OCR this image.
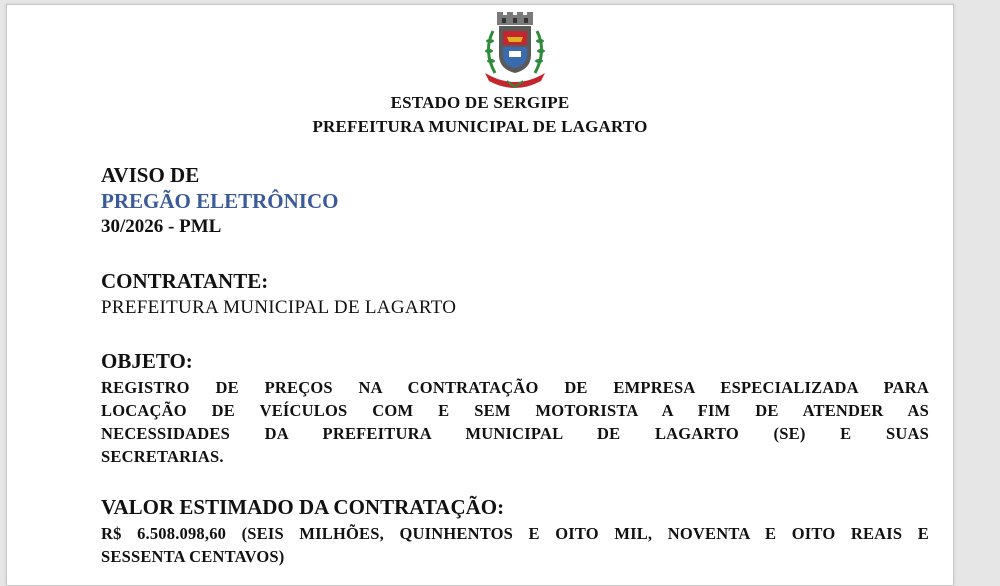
ESTADO DE SERGIPE
PREFEITURA MUNICIPAL DE LAGARTO
AVISO DE
PREGÃO ELETRÔNICO
30/2026 - PML
CONTRATANTE:
PREFEITURA MUNICIPAL DE LAGARTO
OBJETO:
REGISTRO DE PREÇOS NA CONTRATAÇÃO DE EMPRESA ESPECIALIZADA PARA
LOCAÇÃO DE VEÍCULOS COM E SEM MOTORISTA A FIM DE ATENDER AS
NECESSIDADES DA PREFEITURA MUNICIPAL DE LAGARTO (SE) E SUAS
SECRETARIAS.
VALOR ESTIMADO DA CONTRATAÇÃO:
R$ 6.508.098,60 (SEIS MILHÕES, QUINHENTOS E OITO MIL, NOVENTA E OITO REAIS E
SESSENTA CENTAVOS)
